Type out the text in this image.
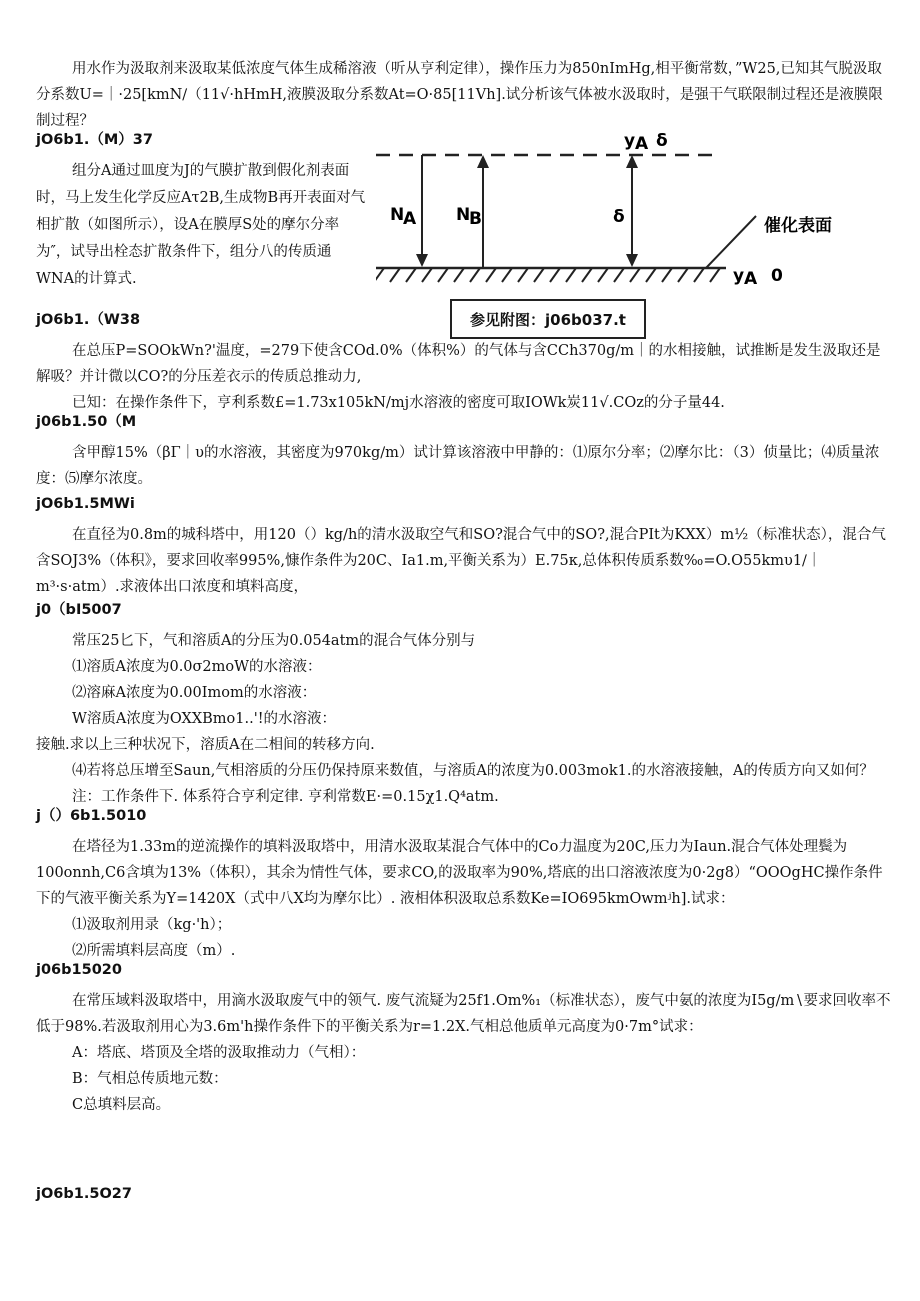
用水作为汲取剂来汲取某低浓度气体生成稀溶液（听从亨利定律），操作压力为850nImHg,相平衡常数，”W25,已知其气脱汲取分系数U=｜·25[kmN∕（11√·hHmH,液膜汲取分系数At=O·85[11Vh].试分析该气体被水汲取时，是强干气联限制过程还是液膜限制过程？

jO6b1.（M）37

组分A通过皿度为J的气膜扩散到假化剂表面时，马上发生化学反应Aτ2B,生成物B再开表面对气相扩散（如图所示），设A在膜厚S处的摩尔分率为″，试导出栓态扩散条件下，组分八的传质通WNA的计算式.

y A δ
N
A N
B	δ	催化表面
y A 0
参见附图：j06b037.t

jO6b1.（W38

在总压P=SOOkWn?'温度，=279下使含COd.0%（体积%）的气体与含CCh370g∕m｜的水相接触，试推断是发生汲取还是解吸？并计微以CO?的分压差衣示的传质总推动力,

已知：在操作条件下，亨利系数£=1.73x105kN/mj水溶液的密度可取IOWk炭11√.COz的分子量44.

j06b1.50（M

含甲醇15%（βΓ｜υ的水溶液，其密度为970kg∕m）试计算该溶液中甲静的：⑴原尔分率；⑵摩尔比：（3）侦量比；⑷质量浓度：⑸摩尔浓度。

jO6b1.5MWi

在直径为0.8m的城科塔中，用120（）kg∕h的清水汲取空气和SO?混合气中的SO?,混合PIt为KXX）m½（标准状态），混合气含SOJ3%（体积》，要求回收率995%,慷作条件为20C、Ia1.m,平衡关系为）E.75κ,总体积传质系数‰=O.O55kmυ1∕｜m³·s·atm）.求液体出口浓度和填料高度，

j0（bI5007

常压25匕下，气和溶质A的分压为0.054atm的混合气体分别与

⑴溶质A浓度为0.0σ2moW的水溶液：

⑵溶麻A浓度为0.00Imom的水溶液：

W溶质A浓度为OXXBmo1..'!的水溶液：

接触.求以上三种状况下，溶质A在二相间的转移方向.

⑷若将总压增至Saun,气相溶质的分压仍保持原来数值，与溶质A的浓度为0.003mok1.的水溶液接触，A的传质方向又如何？

注：工作条件下. 体系符合亨利定律. 亨利常数E·=0.15χ1.Q⁴atm.

j（）6b1.5010

在塔径为1.33m的逆流操作的填料汲取塔中，用清水汲取某混合气体中的Co力温度为20C,压力为Iaun.混合气体处理鬓为100onnh,C6含填为13%（体积），其余为情性气体，要求CO,的汲取率为90%,塔底的出口溶液浓度为0·2g8）“OOOgHC操作条件下的气液平衡关系为Y=1420X（式中八X均为摩尔比）. 液相体积汲取总系数Ke=IO695kmOwmʲh].试求：

⑴汲取剂用录（kg·'h）；

⑵所需填料层高度（m）.

j06b15020

在常压域料汲取塔中，用滴水汲取废气中的领气. 废气流疑为25f1.Om%₁（标准状态），废气中氨的浓度为I5g∕m∖要求回收率不低于98%.若汲取剂用心为3.6m'h操作条件下的平衡关系为r=1.2X.气相总他质单元高度为0·7m°试求：

A：塔底、塔顶及全塔的汲取推动力（气相）：

B：气相总传质地元数：

C总填料层高。

jO6b1.5O27
